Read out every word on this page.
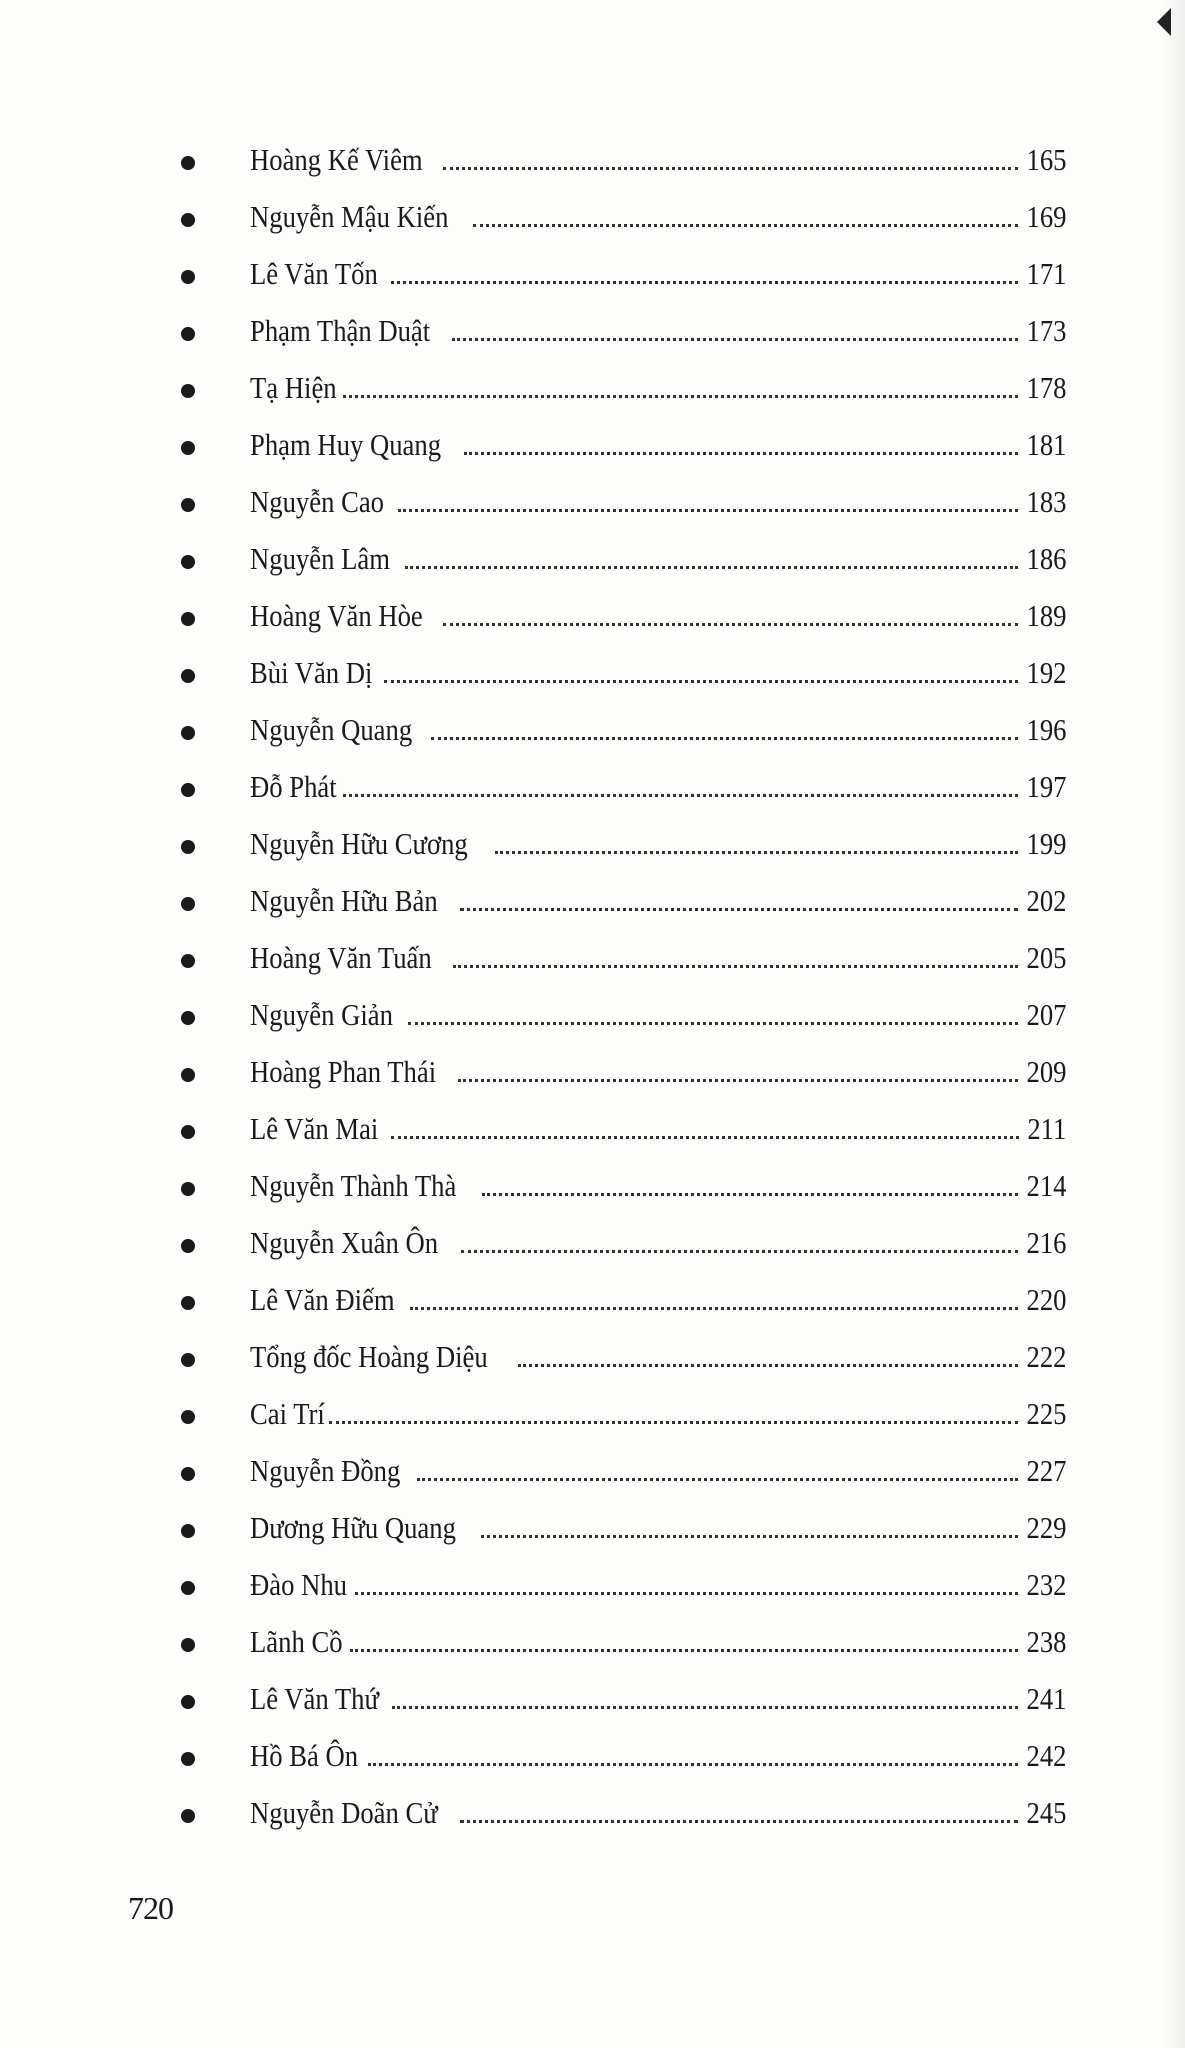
Hoàng Kế Viêm	165
Nguyễn Mậu Kiến	169
Lê Văn Tốn	171
Phạm Thận Duật	173
Tạ Hiện	178
Phạm Huy Quang	181
Nguyễn Cao	183
Nguyễn Lâm	186
Hoàng Văn Hòe	189
Bùi Văn Dị	192
Nguyễn Quang	196
Đỗ Phát	197
Nguyễn Hữu Cương	199
Nguyễn Hữu Bản	202
Hoàng Văn Tuấn	205
Nguyễn Giản	207
Hoàng Phan Thái	209
Lê Văn Mai	211
Nguyễn Thành Thà	214
Nguyễn Xuân Ôn	216
Lê Văn Điếm	220
Tổng đốc Hoàng Diệu	222
Cai Trí	225
Nguyễn Đồng	227
Dương Hữu Quang	229
Đào Nhu	232
Lãnh Cồ	238
Lê Văn Thứ	241
Hồ Bá Ôn	242
Nguyễn Doãn Cử	245
720
